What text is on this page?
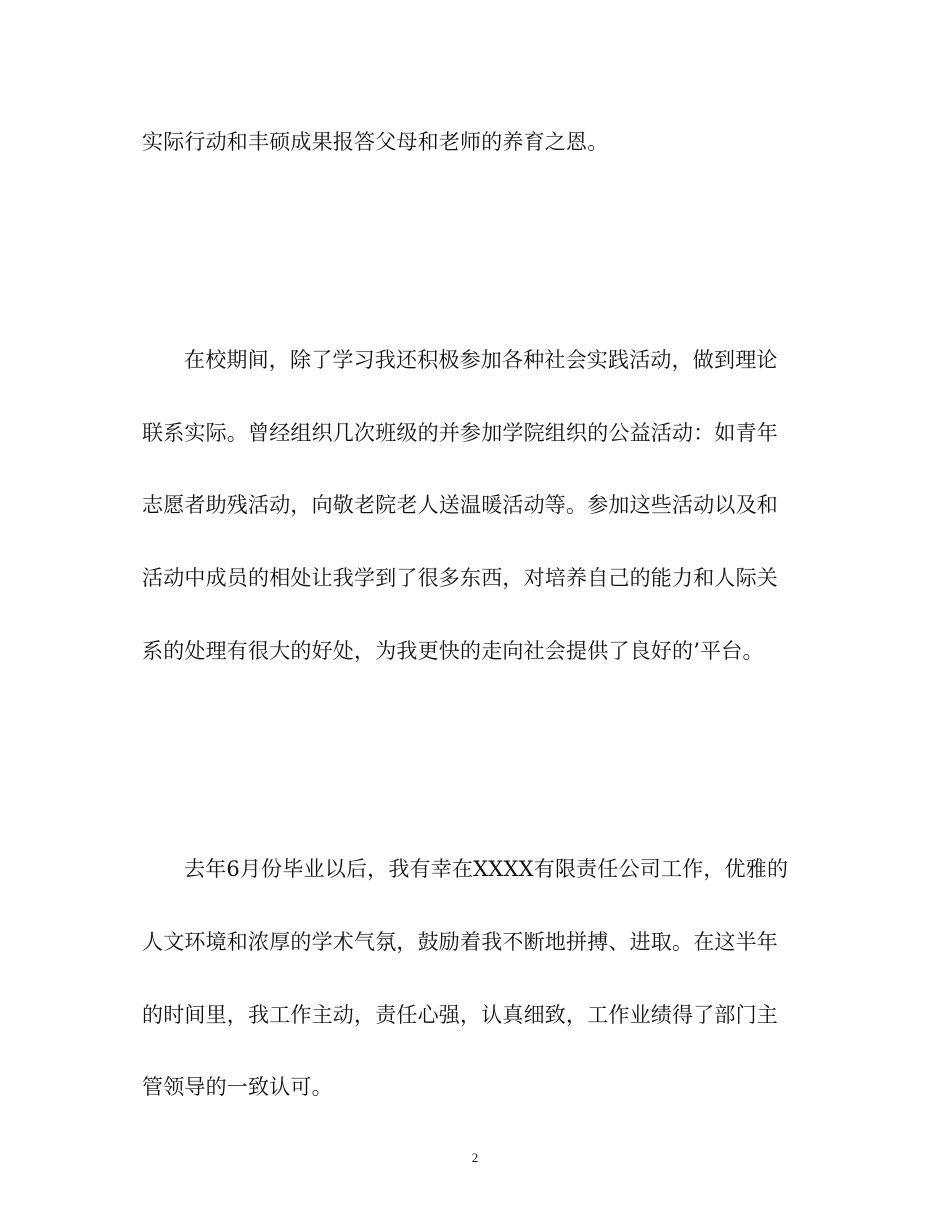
实际行动和丰硕成果报答父母和老师的养育之恩。
在校期间，除了学习我还积极参加各种社会实践活动，做到理论
联系实际。曾经组织几次班级的并参加学院组织的公益活动：如青年
志愿者助残活动，向敬老院老人送温暖活动等。参加这些活动以及和
活动中成员的相处让我学到了很多东西，对培养自己的能力和人际关
系的处理有很大的好处，为我更快的走向社会提供了良好的’平台。
去年6月份毕业以后，我有幸在XXXX有限责任公司工作，优雅的
人文环境和浓厚的学术气氛，鼓励着我不断地拼搏、进取。在这半年
的时间里，我工作主动，责任心强，认真细致，工作业绩得了部门主
管领导的一致认可。
2
